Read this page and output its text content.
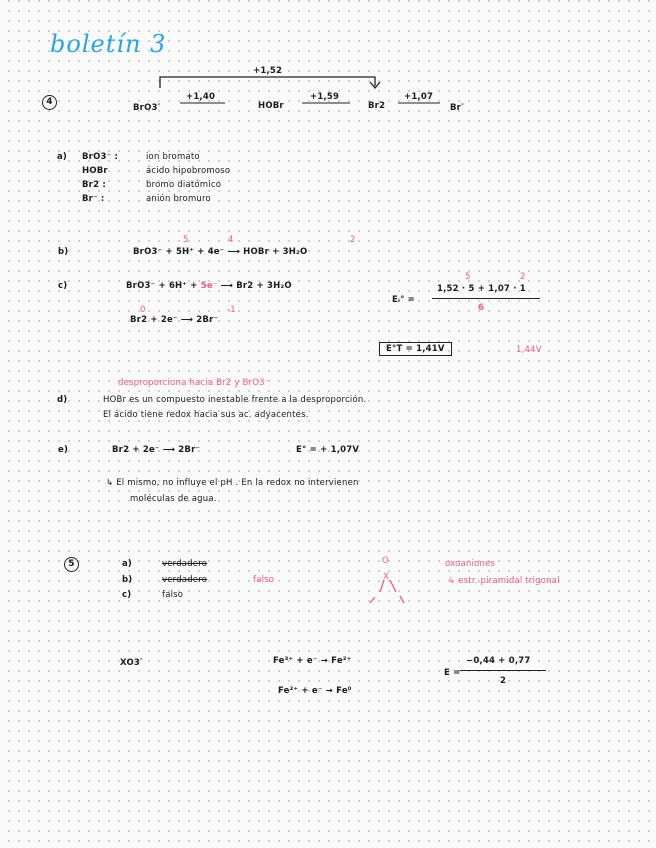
boletín 3
4
+1,52
BrO3-
+1,40
HOBr
+1,59
Br2
+1,07
Br-
a) BrO3⁻ :	ion bromato
HOBr	ácido hipobromoso
Br2 :	bromo diatómico
Br⁻ :	anión bromuro
b)
5	4	2
BrO3⁻ + 5H⁺ + 4e⁻ ⟶ HOBr + 3H₂O
c)	BrO3⁻ + 6H⁺ + 5e⁻ ⟶ Br2 + 3H₂O
0	-1
Br2 + 2e⁻ ⟶ 2Br⁻
Eᵢ° =
5	2
1,52 · 5 + 1,07 · 1
6
E°T = 1,41V	1,44V
desproporciona hacia Br2 y BrO3⁻
d)	HOBr es un compuesto inestable frente a la desproporción.
El ácido tiene redox hacia sus ac. adyacentes.
e)	Br2 + 2e⁻ ⟶ 2Br⁻	E° = + 1,07V
↳ El mismo, no influye el pH . En la redox no intervienen
moléculas de agua.
5	a)	verdadero
b)	verdadero	falso
c)	falso
O
X
oxoaniones
↳ estr. piramidal trigonal
XO3-	Fe³⁺ + e⁻ → Fe²⁺
Fe²⁺ + e⁻ → Fe⁰
E =
−0,44 + 0,77
2
